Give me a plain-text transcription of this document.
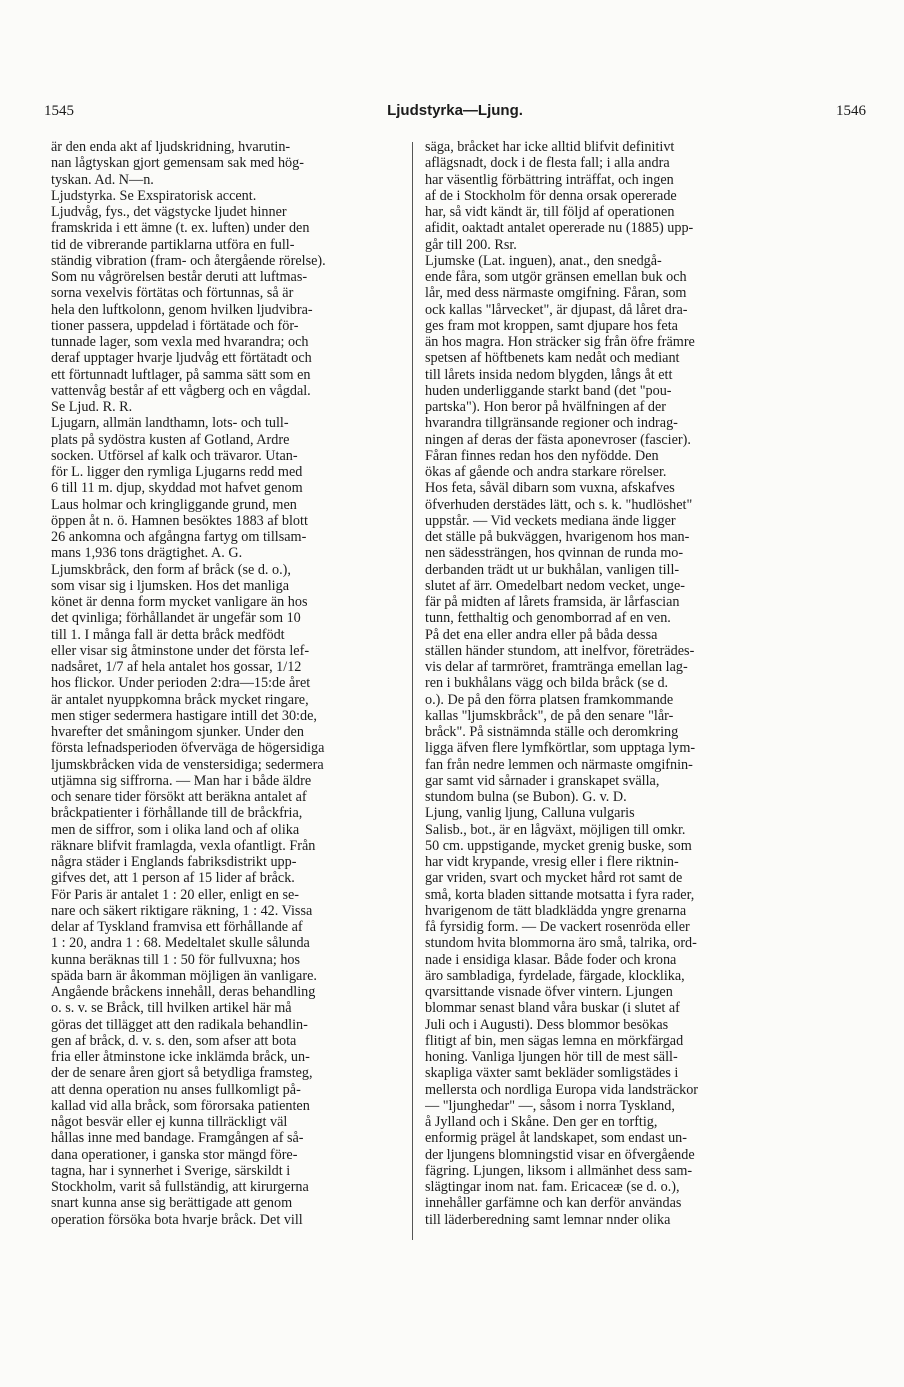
1545	Ljudstyrka—Ljung.	1546
är den enda akt af ljudskridning, hvarutin-
nan lågtyskan gjort gemensam sak med hög-
tyskan. Ad. N—n.
Ljudstyrka. Se Exspiratorisk accent.
Ljudvåg, fys., det vägstycke ljudet hinner
framskrida i ett ämne (t. ex. luften) under den
tid de vibrerande partiklarna utföra en full-
ständig vibration (fram- och återgående rörelse).
Som nu vågrörelsen består deruti att luftmas-
sorna vexelvis förtätas och förtunnas, så är
hela den luftkolonn, genom hvilken ljudvibra-
tioner passera, uppdelad i förtätade och för-
tunnade lager, som vexla med hvarandra; och
deraf upptager hvarje ljudvåg ett förtätadt och
ett förtunnadt luftlager, på samma sätt som en
vattenvåg består af ett vågberg och en vågdal.
Se Ljud. R. R.
Ljugarn, allmän landthamn, lots- och tull-
plats på sydöstra kusten af Gotland, Ardre
socken. Utförsel af kalk och trävaror. Utan-
för L. ligger den rymliga Ljugarns redd med
6 till 11 m. djup, skyddad mot hafvet genom
Laus holmar och kringliggande grund, men
öppen åt n. ö. Hamnen besöktes 1883 af blott
26 ankomna och afgångna fartyg om tillsam-
mans 1,936 tons drägtighet. A. G.
Ljumskbråck, den form af bråck (se d. o.),
som visar sig i ljumsken. Hos det manliga
könet är denna form mycket vanligare än hos
det qvinliga; förhållandet är ungefär som 10
till 1. I många fall är detta bråck medfödt
eller visar sig åtminstone under det första lef-
nadsåret, 1/7 af hela antalet hos gossar, 1/12
hos flickor. Under perioden 2:dra—15:de året
är antalet nyuppkomna bråck mycket ringare,
men stiger sedermera hastigare intill det 30:de,
hvarefter det småningom sjunker. Under den
första lefnadsperioden öfverväga de högersidiga
ljumskbråcken vida de venstersidiga; sedermera
utjämna sig siffrorna. — Man har i både äldre
och senare tider försökt att beräkna antalet af
bråckpatienter i förhållande till de bråckfria,
men de siffror, som i olika land och af olika
räknare blifvit framlagda, vexla ofantligt. Från
några städer i Englands fabriksdistrikt upp-
gifves det, att 1 person af 15 lider af bråck.
För Paris är antalet 1 : 20 eller, enligt en se-
nare och säkert riktigare räkning, 1 : 42. Vissa
delar af Tyskland framvisa ett förhållande af
1 : 20, andra 1 : 68. Medeltalet skulle sålunda
kunna beräknas till 1 : 50 för fullvuxna; hos
späda barn är åkomman möjligen än vanligare.
Angående bråckens innehåll, deras behandling
o. s. v. se Bråck, till hvilken artikel här må
göras det tillägget att den radikala behandlin-
gen af bråck, d. v. s. den, som afser att bota
fria eller åtminstone icke inklämda bråck, un-
der de senare åren gjort så betydliga framsteg,
att denna operation nu anses fullkomligt på-
kallad vid alla bråck, som förorsaka patienten
något besvär eller ej kunna tillräckligt väl
hållas inne med bandage. Framgången af så-
dana operationer, i ganska stor mängd före-
tagna, har i synnerhet i Sverige, särskildt i
Stockholm, varit så fullständig, att kirurgerna
snart kunna anse sig berättigade att genom
operation försöka bota hvarje bråck. Det vill
säga, bråcket har icke alltid blifvit definitivt
aflägsnadt, dock i de flesta fall; i alla andra
har väsentlig förbättring inträffat, och ingen
af de i Stockholm för denna orsak opererade
har, så vidt kändt är, till följd af operationen
afidit, oaktadt antalet opererade nu (1885) upp-
går till 200. Rsr.
Ljumske (Lat. inguen), anat., den snedgå-
ende fåra, som utgör gränsen emellan buk och
lår, med dess närmaste omgifning. Fåran, som
ock kallas "lårvecket", är djupast, då låret dra-
ges fram mot kroppen, samt djupare hos feta
än hos magra. Hon sträcker sig från öfre främre
spetsen af höftbenets kam nedåt och mediant
till lårets insida nedom blygden, långs åt ett
huden underliggande starkt band (det "pou-
partska"). Hon beror på hvälfningen af der
hvarandra tillgränsande regioner och indrag-
ningen af deras der fästa aponevroser (fascier).
Fåran finnes redan hos den nyfödde. Den
ökas af gående och andra starkare rörelser.
Hos feta, såväl dibarn som vuxna, afskafves
öfverhuden derstädes lätt, och s. k. "hudlöshet"
uppstår. — Vid veckets mediana ände ligger
det ställe på bukväggen, hvarigenom hos man-
nen sädessträngen, hos qvinnan de runda mo-
derbanden trädt ut ur bukhålan, vanligen till-
slutet af ärr. Omedelbart nedom vecket, unge-
fär på midten af lårets framsida, är lårfascian
tunn, fetthaltig och genomborrad af en ven.
På det ena eller andra eller på båda dessa
ställen händer stundom, att inelfvor, företrädes-
vis delar af tarmröret, framtränga emellan lag-
ren i bukhålans vägg och bilda bråck (se d.
o.). De på den förra platsen framkommande
kallas "ljumskbråck", de på den senare "lår-
bråck". På sistnämnda ställe och deromkring
ligga äfven flere lymfkörtlar, som upptaga lym-
fan från nedre lemmen och närmaste omgifnin-
gar samt vid sårnader i granskapet svälla,
stundom bulna (se Bubon). G. v. D.
Ljung, vanlig ljung, Calluna vulgaris
Salisb., bot., är en lågväxt, möjligen till omkr.
50 cm. uppstigande, mycket grenig buske, som
har vidt krypande, vresig eller i flere riktnin-
gar vriden, svart och mycket hård rot samt de
små, korta bladen sittande motsatta i fyra rader,
hvarigenom de tätt bladklädda yngre grenarna
få fyrsidig form. — De vackert rosenröda eller
stundom hvita blommorna äro små, talrika, ord-
nade i ensidiga klasar. Både foder och krona
äro sambladiga, fyrdelade, färgade, klocklika,
qvarsittande visnade öfver vintern. Ljungen
blommar senast bland våra buskar (i slutet af
Juli och i Augusti). Dess blommor besökas
flitigt af bin, men sägas lemna en mörkfärgad
honing. Vanliga ljungen hör till de mest säll-
skapliga växter samt bekläder somligstädes i
mellersta och nordliga Europa vida landsträckor
— "ljunghedar" —, såsom i norra Tyskland,
å Jylland och i Skåne. Den ger en torftig,
enformig prägel åt landskapet, som endast un-
der ljungens blomningstid visar en öfvergående
fägring. Ljungen, liksom i allmänhet dess sam-
slägtingar inom nat. fam. Ericaceæ (se d. o.),
innehåller garfämne och kan derför användas
till läderberedning samt lemnar nnder olika
